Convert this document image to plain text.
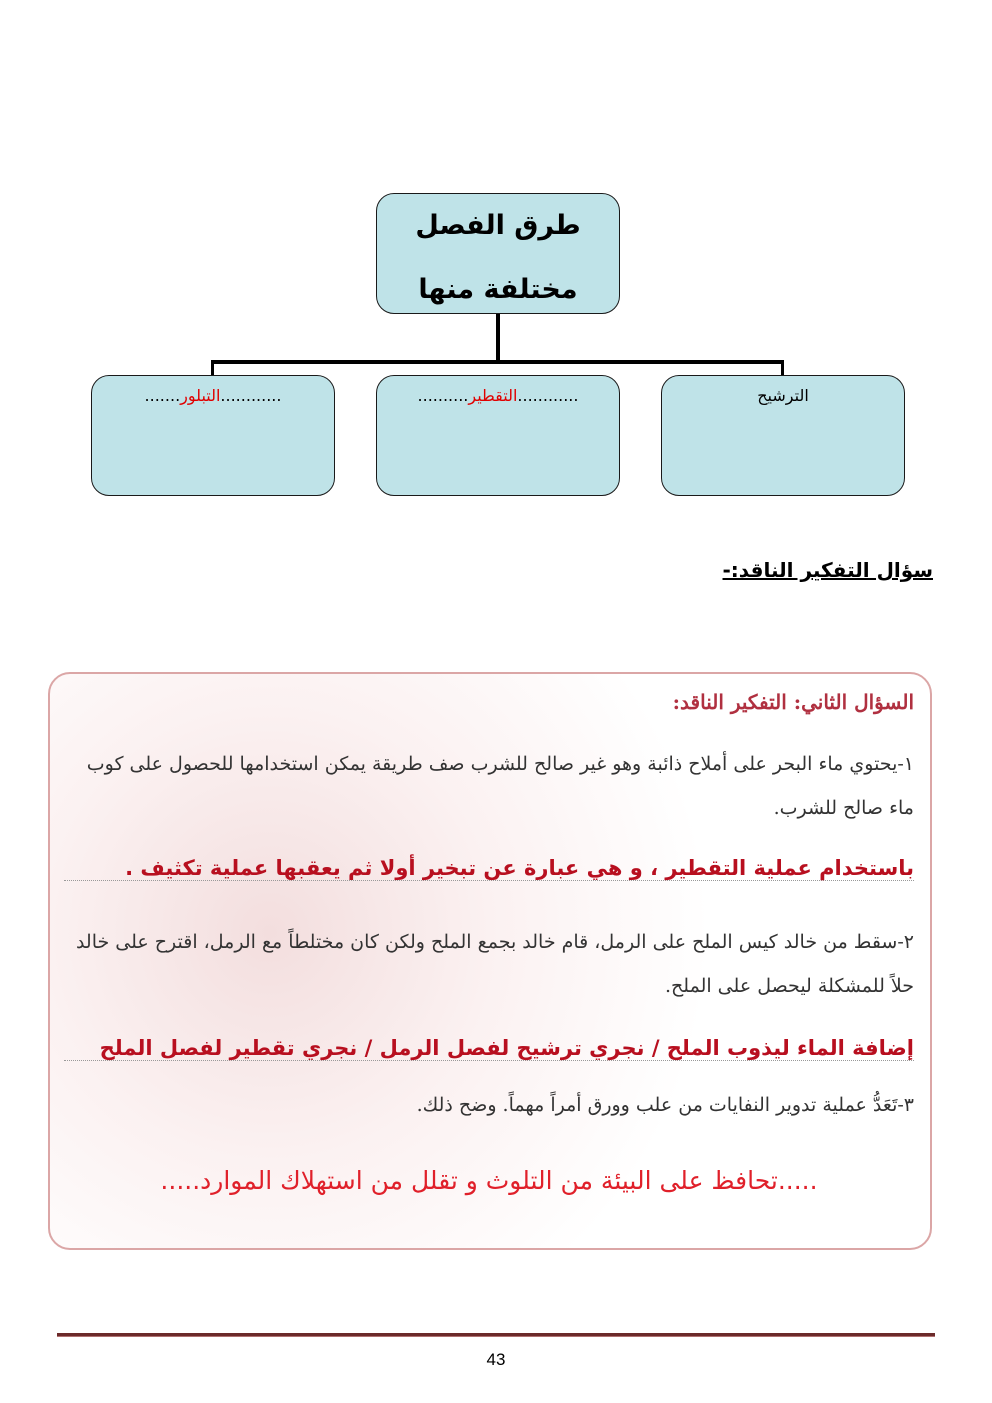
طرق الفصل
مختلفة منها
الترشيح
............التقطير..........
............التبلور.......
سؤال التفكير الناقد:-
السؤال الثاني: التفكير الناقد:
١-يحتوي ماء البحر على أملاح ذائبة وهو غير صالح للشرب صف طريقة يمكن استخدامها للحصول على كوب ماء صالح للشرب.
باستخدام عملية التقطير ، و هي عبارة عن تبخير أولا ثم يعقبها عملية تكثيف .
٢-سقط من خالد كيس الملح على الرمل، قام خالد بجمع الملح ولكن كان مختلطاً مع الرمل، اقترح على خالد حلاً للمشكلة ليحصل على الملح.
إضافة الماء ليذوب الملح / نجري ترشيح لفصل الرمل / نجري تقطير لفصل الملح
٣-تَعَدُّ عملية تدوير النفايات من علب وورق أمراً مهماً. وضح ذلك.
.....تحافظ على البيئة من التلوث و تقلل من استهلاك الموارد.....
43
